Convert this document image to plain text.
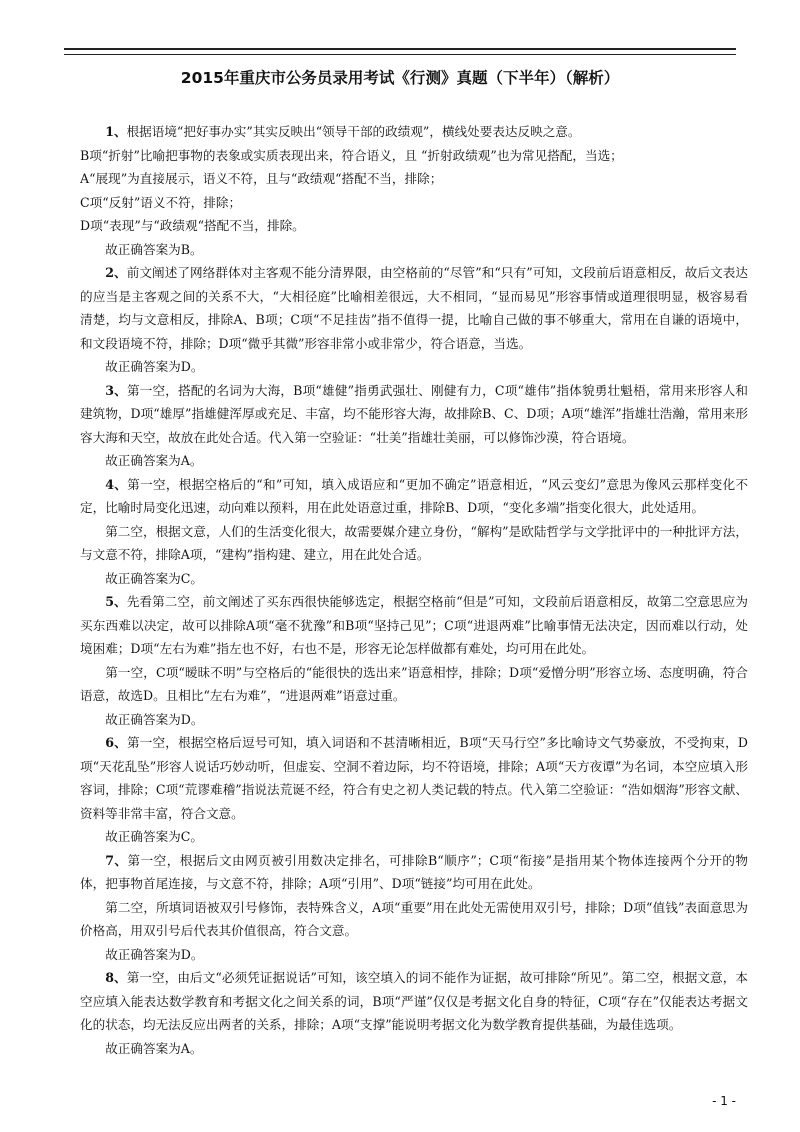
2015年重庆市公务员录用考试《行测》真题（下半年）（解析）

1、根据语境“把好事办实”其实反映出“领导干部的政绩观”，横线处要表达反映之意。

B项“折射”比喻把事物的表象或实质表现出来，符合语义，且 “折射政绩观”也为常见搭配，当选；

A“展现”为直接展示，语义不符，且与“政绩观“搭配不当，排除；

C项“反射”语义不符，排除；

D项“表现”与“政绩观“搭配不当，排除。

故正确答案为B。

2、前文阐述了网络群体对主客观不能分清界限，由空格前的“尽管”和“只有”可知，文段前后语意相反，故后文表达的应当是主客观之间的关系不大，“大相径庭”比喻相差很远，大不相同，“显而易见”形容事情或道理很明显，极容易看清楚，均与文意相反，排除A、B项；C项“不足挂齿”指不值得一提，比喻自己做的事不够重大，常用在自谦的语境中，和文段语境不符，排除；D项“微乎其微”形容非常小或非常少，符合语意，当选。

故正确答案为D。

3、第一空，搭配的名词为大海，B项“雄健”指勇武强壮、刚健有力，C项“雄伟”指体貌勇壮魁梧，常用来形容人和建筑物，D项“雄厚”指雄健浑厚或充足、丰富，均不能形容大海，故排除B、C、D项；A项“雄浑”指雄壮浩瀚，常用来形容大海和天空，故放在此处合适。代入第一空验证：“壮美”指雄壮美丽，可以修饰沙漠，符合语境。

故正确答案为A。

4、第一空，根据空格后的“和”可知，填入成语应和“更加不确定”语意相近，“风云变幻”意思为像风云那样变化不定，比喻时局变化迅速，动向难以预料，用在此处语意过重，排除B、D项，“变化多端”指变化很大，此处适用。

第二空，根据文意，人们的生活变化很大，故需要媒介建立身份，“解构”是欧陆哲学与文学批评中的一种批评方法，与文意不符，排除A项，“建构”指构建、建立，用在此处合适。

故正确答案为C。

5、先看第二空，前文阐述了买东西很快能够选定，根据空格前“但是”可知，文段前后语意相反，故第二空意思应为买东西难以决定，故可以排除A项“毫不犹豫”和B项“坚持己见”；C项“进退两难”比喻事情无法决定，因而难以行动，处境困难；D项“左右为难”指左也不好，右也不是，形容无论怎样做都有难处，均可用在此处。

第一空，C项“暧昧不明”与空格后的“能很快的选出来”语意相悖，排除；D项“爱憎分明”形容立场、态度明确，符合语意，故选D。且相比“左右为难”，“进退两难”语意过重。

故正确答案为D。

6、第一空，根据空格后逗号可知，填入词语和不甚清晰相近，B项“天马行空”多比喻诗文气势豪放，不受拘束，D项“天花乱坠”形容人说话巧妙动听，但虚妄、空洞不着边际，均不符语境，排除；A项“天方夜谭”为名词，本空应填入形容词，排除；C项“荒谬难稽”指说法荒诞不经，符合有史之初人类记载的特点。代入第二空验证：“浩如烟海”形容文献、资料等非常丰富，符合文意。

故正确答案为C。

7、第一空，根据后文由网页被引用数决定排名，可排除B“顺序”；C项“衔接”是指用某个物体连接两个分开的物体，把事物首尾连接，与文意不符，排除；A项“引用”、D项“链接”均可用在此处。

第二空，所填词语被双引号修饰，表特殊含义，A项“重要”用在此处无需使用双引号，排除；D项“值钱”表面意思为价格高，用双引号后代表其价值很高，符合文意。

故正确答案为D。

8、第一空，由后文“必须凭证据说话”可知，该空填入的词不能作为证据，故可排除“所见”。第二空，根据文意，本空应填入能表达数学教育和考据文化之间关系的词，B项“严谨”仅仅是考据文化自身的特征，C项“存在”仅能表达考据文化的状态，均无法反应出两者的关系，排除；A项“支撑”能说明考据文化为数学教育提供基础，为最佳选项。

故正确答案为A。

- 1 -
